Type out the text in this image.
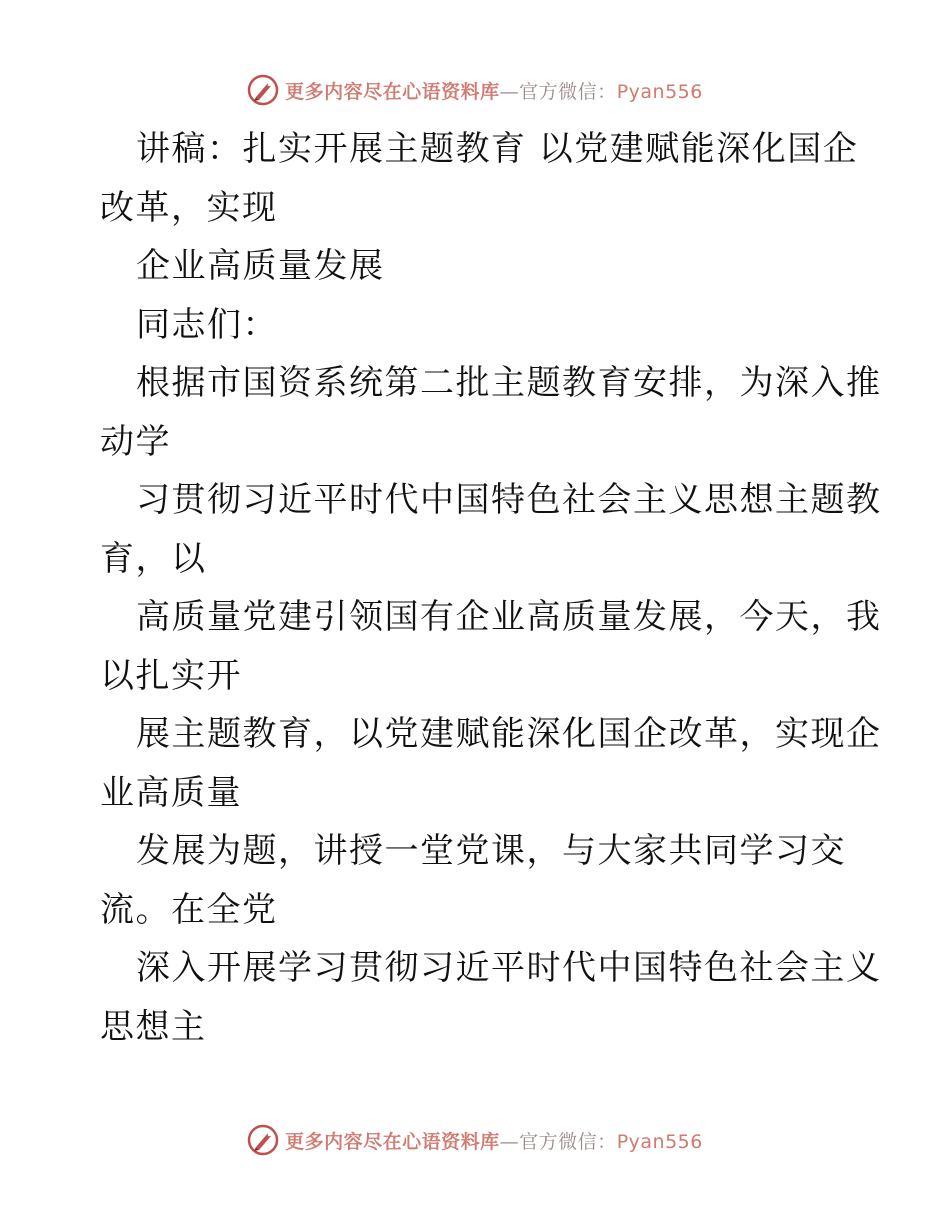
更多内容尽在心语资料库—官方微信：Pyan556
讲稿：扎实开展主题教育 以党建赋能深化国企
改革，实现
企业高质量发展
同志们：
根据市国资系统第二批主题教育安排，为深入推
动学
习贯彻习近平时代中国特色社会主义思想主题教
育，以
高质量党建引领国有企业高质量发展，今天，我
以扎实开
展主题教育，以党建赋能深化国企改革，实现企
业高质量
发展为题，讲授一堂党课，与大家共同学习交
流。在全党
深入开展学习贯彻习近平时代中国特色社会主义
思想主
更多内容尽在心语资料库—官方微信：Pyan556
